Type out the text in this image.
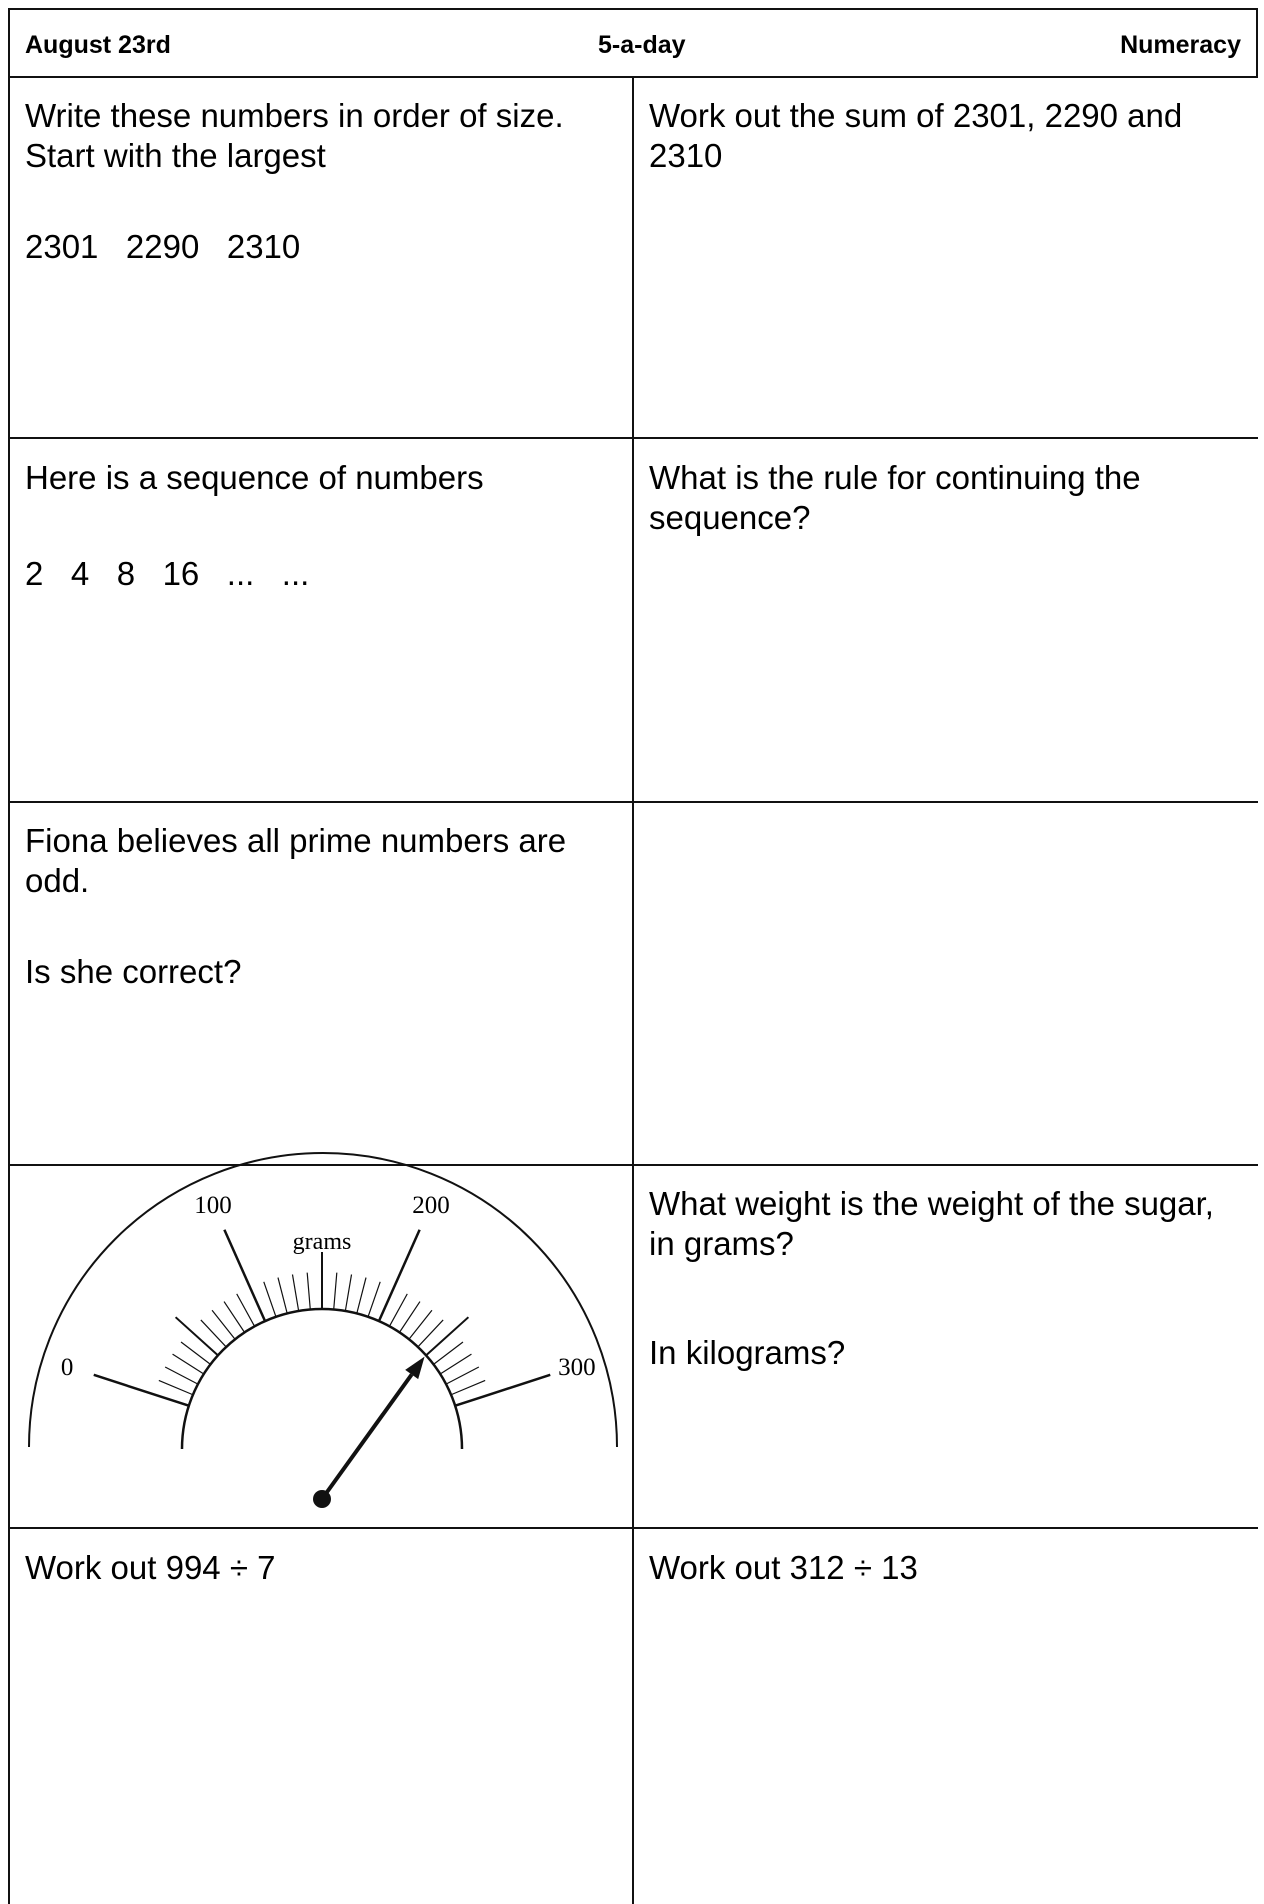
August 23rd	5-a-day	Numeracy

Write these numbers in order of size. Start with the largest

2301   2290   2310

Work out the sum of 2301, 2290 and 2310

Here is a sequence of numbers

2   4   8   16   ...   ...

What is the rule for continuing the sequence?

Fiona believes all prime numbers are odd.

Is she correct?

grams
0
100	200
300

What weight is the weight of the sugar, in grams?

In kilograms?

Work out 994 ÷ 7	Work out 312 ÷ 13
